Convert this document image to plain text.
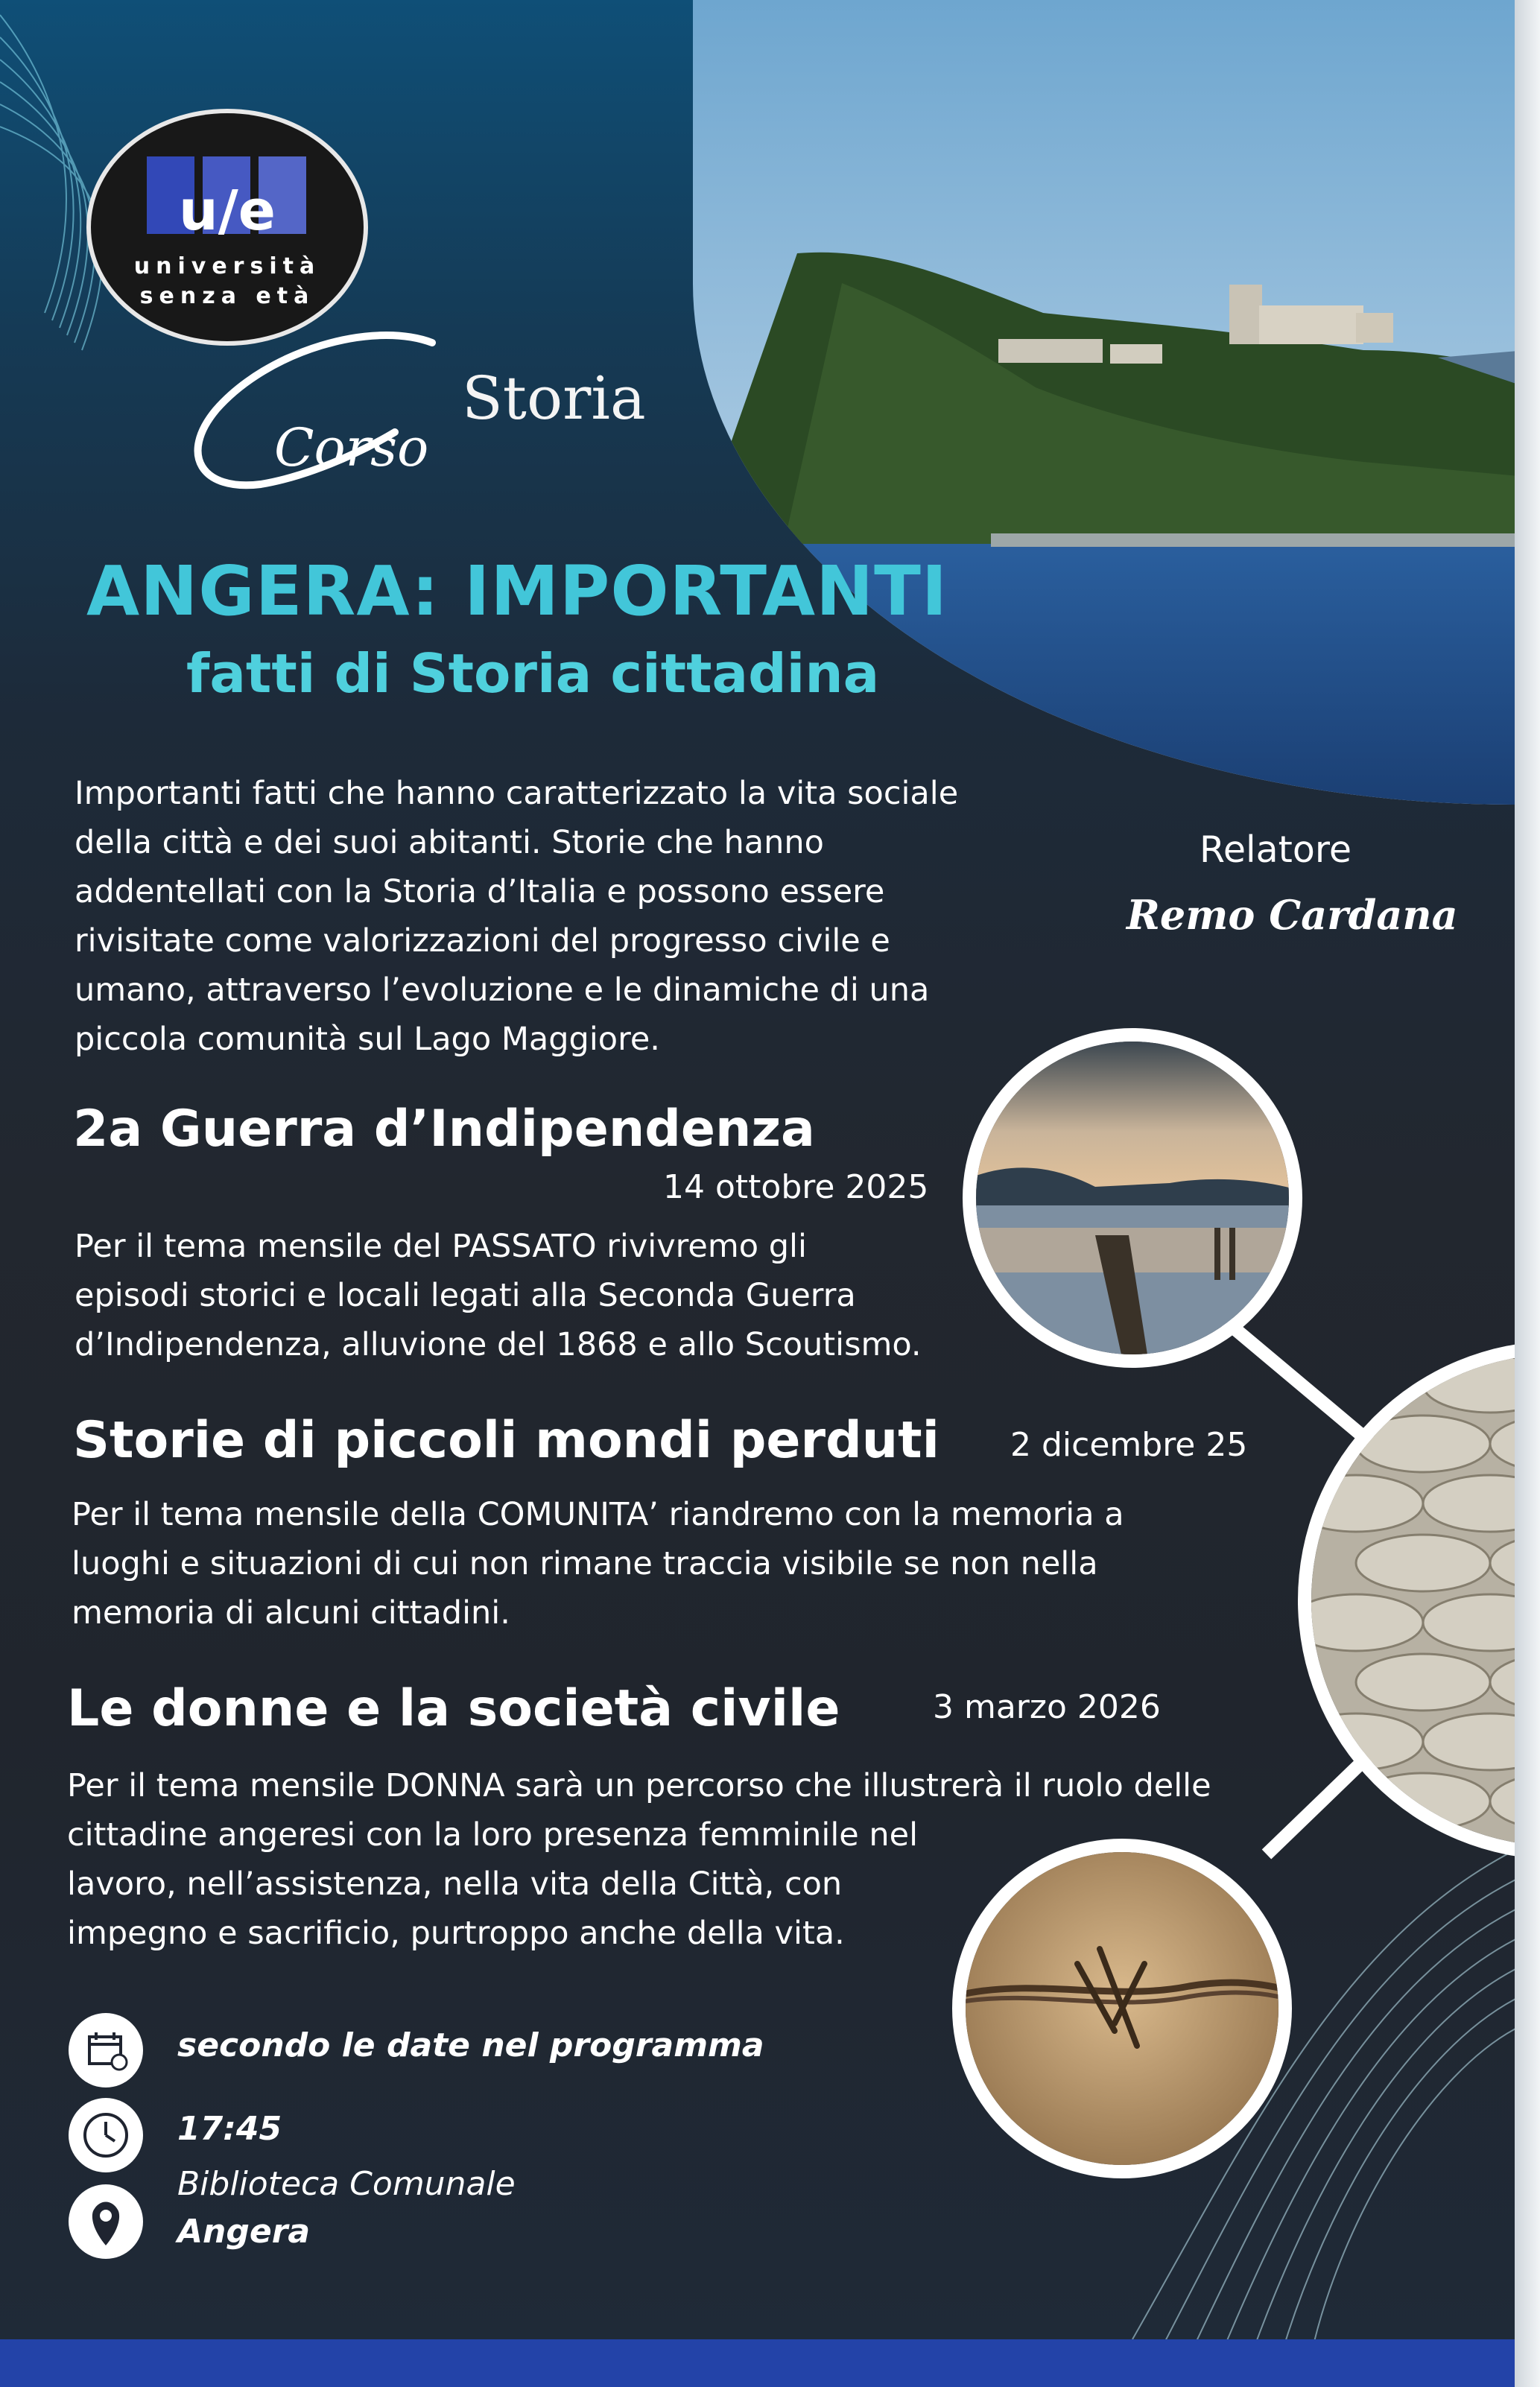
u/e
università
senza età
Corso
Storia
ANGERA: IMPORTANTI
fatti di Storia cittadina
Importanti fatti che hanno caratterizzato la vita sociale
della città e dei suoi abitanti. Storie che hanno
addentellati con la Storia d’Italia e possono essere
rivisitate come valorizzazioni del progresso civile e
umano, attraverso l’evoluzione e le dinamiche di una
piccola comunità sul Lago Maggiore.
Relatore
Remo Cardana
2a Guerra d’Indipendenza
14 ottobre 2025
Per il tema mensile del PASSATO rivivremo gli
episodi storici e locali legati alla Seconda Guerra
d’Indipendenza, alluvione del 1868 e allo Scoutismo.
Storie di piccoli mondi perduti 2 dicembre 25
Per il tema mensile della COMUNITA’ riandremo con la memoria a
luoghi e situazioni di cui non rimane traccia visibile se non nella
memoria di alcuni cittadini.
Le donne e la società civile	3 marzo 2026
Per il tema mensile DONNA sarà un percorso che illustrerà il ruolo delle
cittadine angeresi con la loro presenza femminile nel
lavoro, nell’assistenza, nella vita della Città, con
impegno e sacrificio, purtroppo anche della vita.
secondo le date nel programma
17:45
Biblioteca Comunale
Angera
